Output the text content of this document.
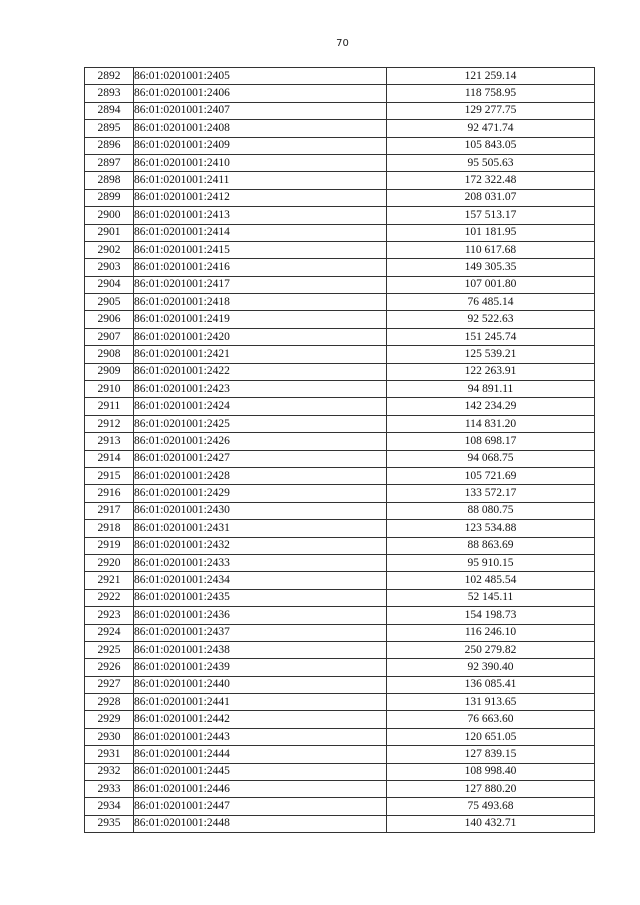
70
2892	86:01:0201001:2405	121 259.14
2893	86:01:0201001:2406	118 758.95
2894	86:01:0201001:2407	129 277.75
2895	86:01:0201001:2408	92 471.74
2896	86:01:0201001:2409	105 843.05
2897	86:01:0201001:2410	95 505.63
2898	86:01:0201001:2411	172 322.48
2899	86:01:0201001:2412	208 031.07
2900	86:01:0201001:2413	157 513.17
2901	86:01:0201001:2414	101 181.95
2902	86:01:0201001:2415	110 617.68
2903	86:01:0201001:2416	149 305.35
2904	86:01:0201001:2417	107 001.80
2905	86:01:0201001:2418	76 485.14
2906	86:01:0201001:2419	92 522.63
2907	86:01:0201001:2420	151 245.74
2908	86:01:0201001:2421	125 539.21
2909	86:01:0201001:2422	122 263.91
2910	86:01:0201001:2423	94 891.11
2911	86:01:0201001:2424	142 234.29
2912	86:01:0201001:2425	114 831.20
2913	86:01:0201001:2426	108 698.17
2914	86:01:0201001:2427	94 068.75
2915	86:01:0201001:2428	105 721.69
2916	86:01:0201001:2429	133 572.17
2917	86:01:0201001:2430	88 080.75
2918	86:01:0201001:2431	123 534.88
2919	86:01:0201001:2432	88 863.69
2920	86:01:0201001:2433	95 910.15
2921	86:01:0201001:2434	102 485.54
2922	86:01:0201001:2435	52 145.11
2923	86:01:0201001:2436	154 198.73
2924	86:01:0201001:2437	116 246.10
2925	86:01:0201001:2438	250 279.82
2926	86:01:0201001:2439	92 390.40
2927	86:01:0201001:2440	136 085.41
2928	86:01:0201001:2441	131 913.65
2929	86:01:0201001:2442	76 663.60
2930	86:01:0201001:2443	120 651.05
2931	86:01:0201001:2444	127 839.15
2932	86:01:0201001:2445	108 998.40
2933	86:01:0201001:2446	127 880.20
2934	86:01:0201001:2447	75 493.68
2935	86:01:0201001:2448	140 432.71
